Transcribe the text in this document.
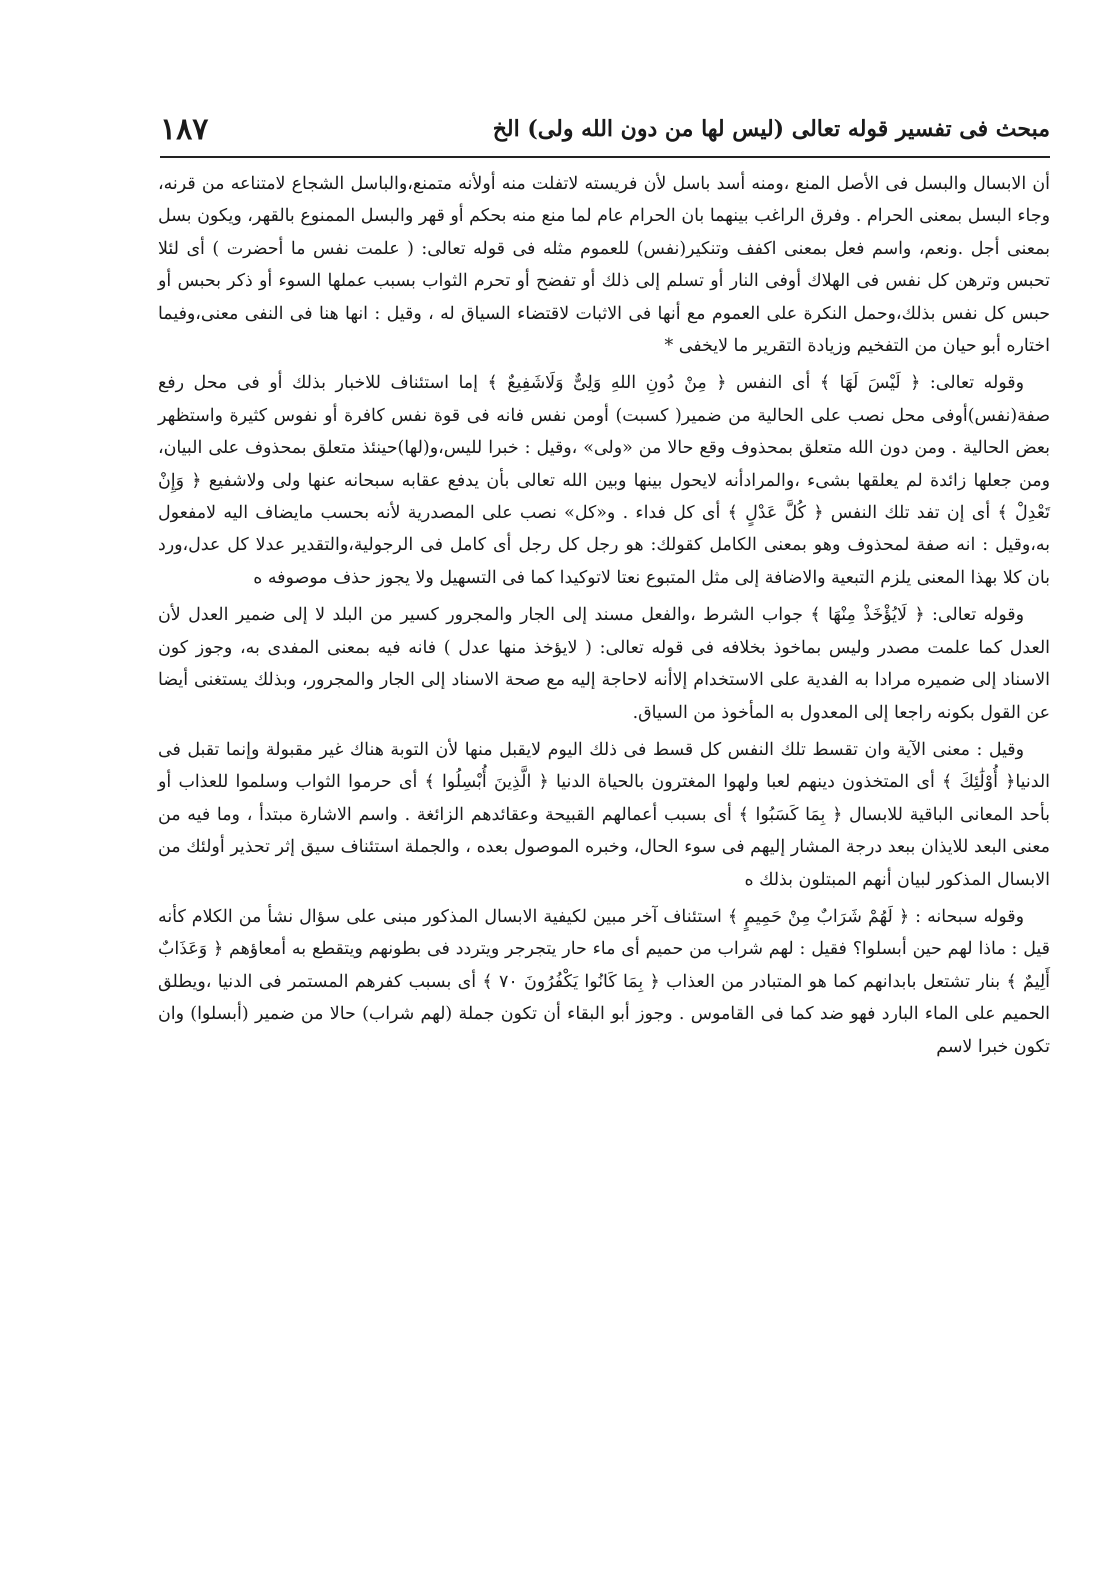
مبحث فى تفسير قوله تعالى (ليس لها من دون الله ولى) الخ
١٨٧

أن الابسال والبسل فى الأصل المنع ،ومنه أسد باسل لأن فريسته لاتفلت منه أولأنه متمنع،والباسل الشجاع لامتناعه من قرنه، وجاء البسل بمعنى الحرام . وفرق الراغب بينهما بان الحرام عام لما منع منه بحكم أو قهر والبسل الممنوع بالقهر، ويكون بسل بمعنى أجل .ونعم، واسم فعل بمعنى اكفف وتنكير(نفس) للعموم مثله فى قوله تعالى: ( علمت نفس ما أحضرت ) أى لئلا تحبس وترهن كل نفس فى الهلاك أوفى النار أو تسلم إلى ذلك أو تفضح أو تحرم الثواب بسبب عملها السوء أو ذكر بحبس أو حبس كل نفس بذلك،وحمل النكرة على العموم مع أنها فى الاثبات لاقتضاء السياق له ، وقيل : انها هنا فى النفى معنى،وفيما اختاره أبو حيان من التفخيم وزيادة التقرير ما لايخفى *

وقوله تعالى: ﴿ لَيْسَ لَهَا ﴾ أى النفس ﴿ مِنْ دُونِ اللهِ وَلِىٌّ وَلَاشَفِيعٌ ﴾ إما استئناف للاخبار بذلك أو فى محل رفع صفة(نفس)أوفى محل نصب على الحالية من ضمير( كسبت) أومن نفس فانه فى قوة نفس كافرة أو نفوس كثيرة واستظهر بعض الحالية . ومن دون الله متعلق بمحذوف وقع حالا من «ولى» ،وقيل : خبرا لليس،و(لها)حينئذ متعلق بمحذوف على البيان، ومن جعلها زائدة لم يعلقها بشىء ،والمرادأنه لايحول بينها وبين الله تعالى بأن يدفع عقابه سبحانه عنها ولى ولاشفيع ﴿ وَإِنْ تَعْدِلْ ﴾ أى إن تفد تلك النفس ﴿ كُلَّ عَدْلٍ ﴾ أى كل فداء . و«كل» نصب على المصدرية لأنه بحسب مايضاف اليه لامفعول به،وقيل : انه صفة لمحذوف وهو بمعنى الكامل كقولك: هو رجل كل رجل أى كامل فى الرجولية،والتقدير عدلا كل عدل،ورد بان كلا بهذا المعنى يلزم التبعية والاضافة إلى مثل المتبوع نعتا لاتوكيدا كما فى التسهيل ولا يجوز حذف موصوفه ه

وقوله تعالى: ﴿ لَايُؤْخَذْ مِنْهَا ﴾ جواب الشرط ،والفعل مسند إلى الجار والمجرور كسير من البلد لا إلى ضمير العدل لأن العدل كما علمت مصدر وليس بماخوذ بخلافه فى قوله تعالى: ( لايؤخذ منها عدل ) فانه فيه بمعنى المفدى به، وجوز كون الاسناد إلى ضميره مرادا به الفدية على الاستخدام إلاأنه لاحاجة إليه مع صحة الاسناد إلى الجار والمجرور، وبذلك يستغنى أيضا عن القول بكونه راجعا إلى المعدول به المأخوذ من السياق.

وقيل : معنى الآية وان تقسط تلك النفس كل قسط فى ذلك اليوم لايقبل منها لأن التوبة هناك غير مقبولة وإنما تقبل فى الدنيا﴿ أُوْلَٰئِكَ ﴾ أى المتخذون دينهم لعبا ولهوا المغترون بالحياة الدنيا ﴿ الَّذِينَ أُبْسِلُوا ﴾ أى حرموا الثواب وسلموا للعذاب أو بأحد المعانى الباقية للابسال ﴿ بِمَا كَسَبُوا ﴾ أى بسبب أعمالهم القبيحة وعقائدهم الزائغة . واسم الاشارة مبتدأ ، وما فيه من معنى البعد للايذان ببعد درجة المشار إليهم فى سوء الحال، وخبره الموصول بعده ، والجملة استئناف سيق إثر تحذير أولئك من الابسال المذكور لبيان أنهم المبتلون بذلك ه

وقوله سبحانه : ﴿ لَهُمْ شَرَابٌ مِنْ حَمِيمٍ ﴾ استئناف آخر مبين لكيفية الابسال المذكور مبنى على سؤال نشأ من الكلام كأنه قيل : ماذا لهم حين أبسلوا؟ فقيل : لهم شراب من حميم أى ماء حار يتجرجر ويتردد فى بطونهم ويتقطع به أمعاؤهم ﴿ وَعَذَابٌ أَلِيمٌ ﴾ بنار تشتعل بابدانهم كما هو المتبادر من العذاب ﴿ بِمَا كَانُوا يَكْفُرُونَ ٧٠ ﴾ أى بسبب كفرهم المستمر فى الدنيا ،ويطلق الحميم على الماء البارد فهو ضد كما فى القاموس . وجوز أبو البقاء أن تكون جملة (لهم شراب) حالا من ضمير (أبسلوا) وان تكون خبرا لاسم
